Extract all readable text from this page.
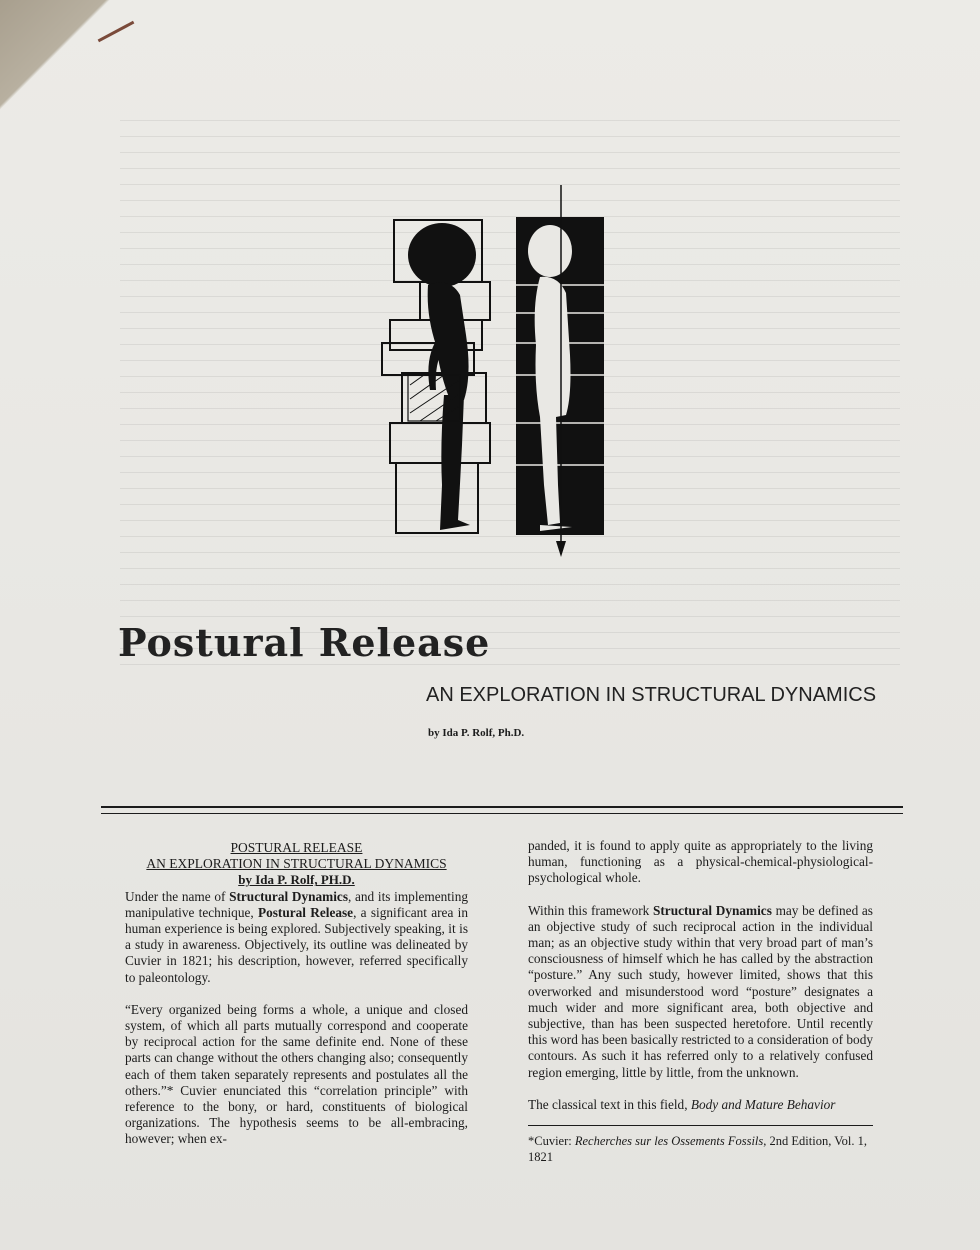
Postural Release
AN EXPLORATION IN STRUCTURAL DYNAMICS
by Ida P. Rolf, Ph.D.

POSTURAL RELEASE

AN EXPLORATION IN STRUCTURAL DYNAMICS

by Ida P. Rolf, PH.D.

Under the name of Structural Dynamics, and its implementing manipulative technique, Postural Release, a significant area in human experience is being explored. Subjectively speaking, it is a study in awareness. Objectively, its outline was delineated by Cuvier in 1821; his description, however, referred specifically to paleontology.

“Every organized being forms a whole, a unique and closed system, of which all parts mutually correspond and cooperate by reciprocal action for the same definite end. None of these parts can change without the others changing also; consequently each of them taken separately represents and postulates all the others.”* Cuvier enunciated this “correlation principle” with reference to the bony, or hard, constituents of biological organizations. The hypothesis seems to be all-embracing, however; when ex-

panded, it is found to apply quite as appropriately to the living human, functioning as a physical-chemical-physiological-psychological whole.

Within this framework Structural Dynamics may be defined as an objective study of such reciprocal action in the individual man; as an objective study within that very broad part of man’s consciousness of himself which he has called by the abstraction “posture.” Any such study, however limited, shows that this overworked and misunderstood word “posture” designates a much wider and more significant area, both objective and subjective, than has been suspected heretofore. Until recently this word has been basically restricted to a consideration of body contours. As such it has referred only to a relatively confused region emerging, little by little, from the unknown.

The classical text in this field, Body and Mature Behavior

*Cuvier: Recherches sur les Ossements Fossils, 2nd Edition, Vol. 1, 1821
